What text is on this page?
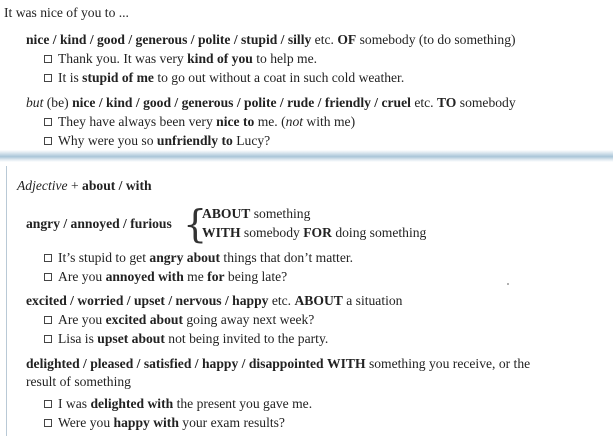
It was nice of you to ...
nice / kind / good / generous / polite / stupid / silly etc. OF somebody (to do something)
Thank you. It was very kind of you to help me.
It is stupid of me to go out without a coat in such cold weather.
but (be) nice / kind / good / generous / polite / rude / friendly / cruel etc. TO somebody
They have always been very nice to me. (not with me)
Why were you so unfriendly to Lucy?
Adjective + about / with
angry / annoyed / furious {
ABOUT something
WITH somebody FOR doing something
It’s stupid to get angry about things that don’t matter.
Are you annoyed with me for being late?
excited / worried / upset / nervous / happy etc. ABOUT a situation
Are you excited about going away next week?
Lisa is upset about not being invited to the party.
delighted / pleased / satisfied / happy / disappointed WITH something you receive, or the
result of something
I was delighted with the present you gave me.
Were you happy with your exam results?
